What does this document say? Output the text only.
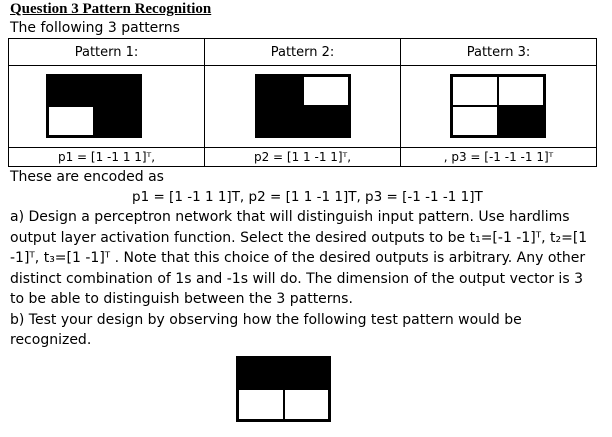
Question 3 Pattern Recognition
The following 3 patterns
Pattern 1:	Pattern 2:	Pattern 3:

p1 = [1 -1 1 1]ᵀ,	p2 = [1 1 -1 1]ᵀ,	, p3 = [-1 -1 -1 1]ᵀ
These are encoded as
p1 = [1 -1 1 1]T, p2 = [1 1 -1 1]T, p3 = [-1 -1 -1 1]T

a) Design a perceptron network that will distinguish input pattern. Use hardlims output layer activation function. Select the desired outputs to be t₁=[-1 -1]ᵀ, t₂=[1 -1]ᵀ, t₃=[1 -1]ᵀ . Note that this choice of the desired outputs is arbitrary. Any other distinct combination of 1s and -1s will do. The dimension of the output vector is 3 to be able to distinguish between the 3 patterns.

b) Test your design by observing how the following test pattern would be recognized.
